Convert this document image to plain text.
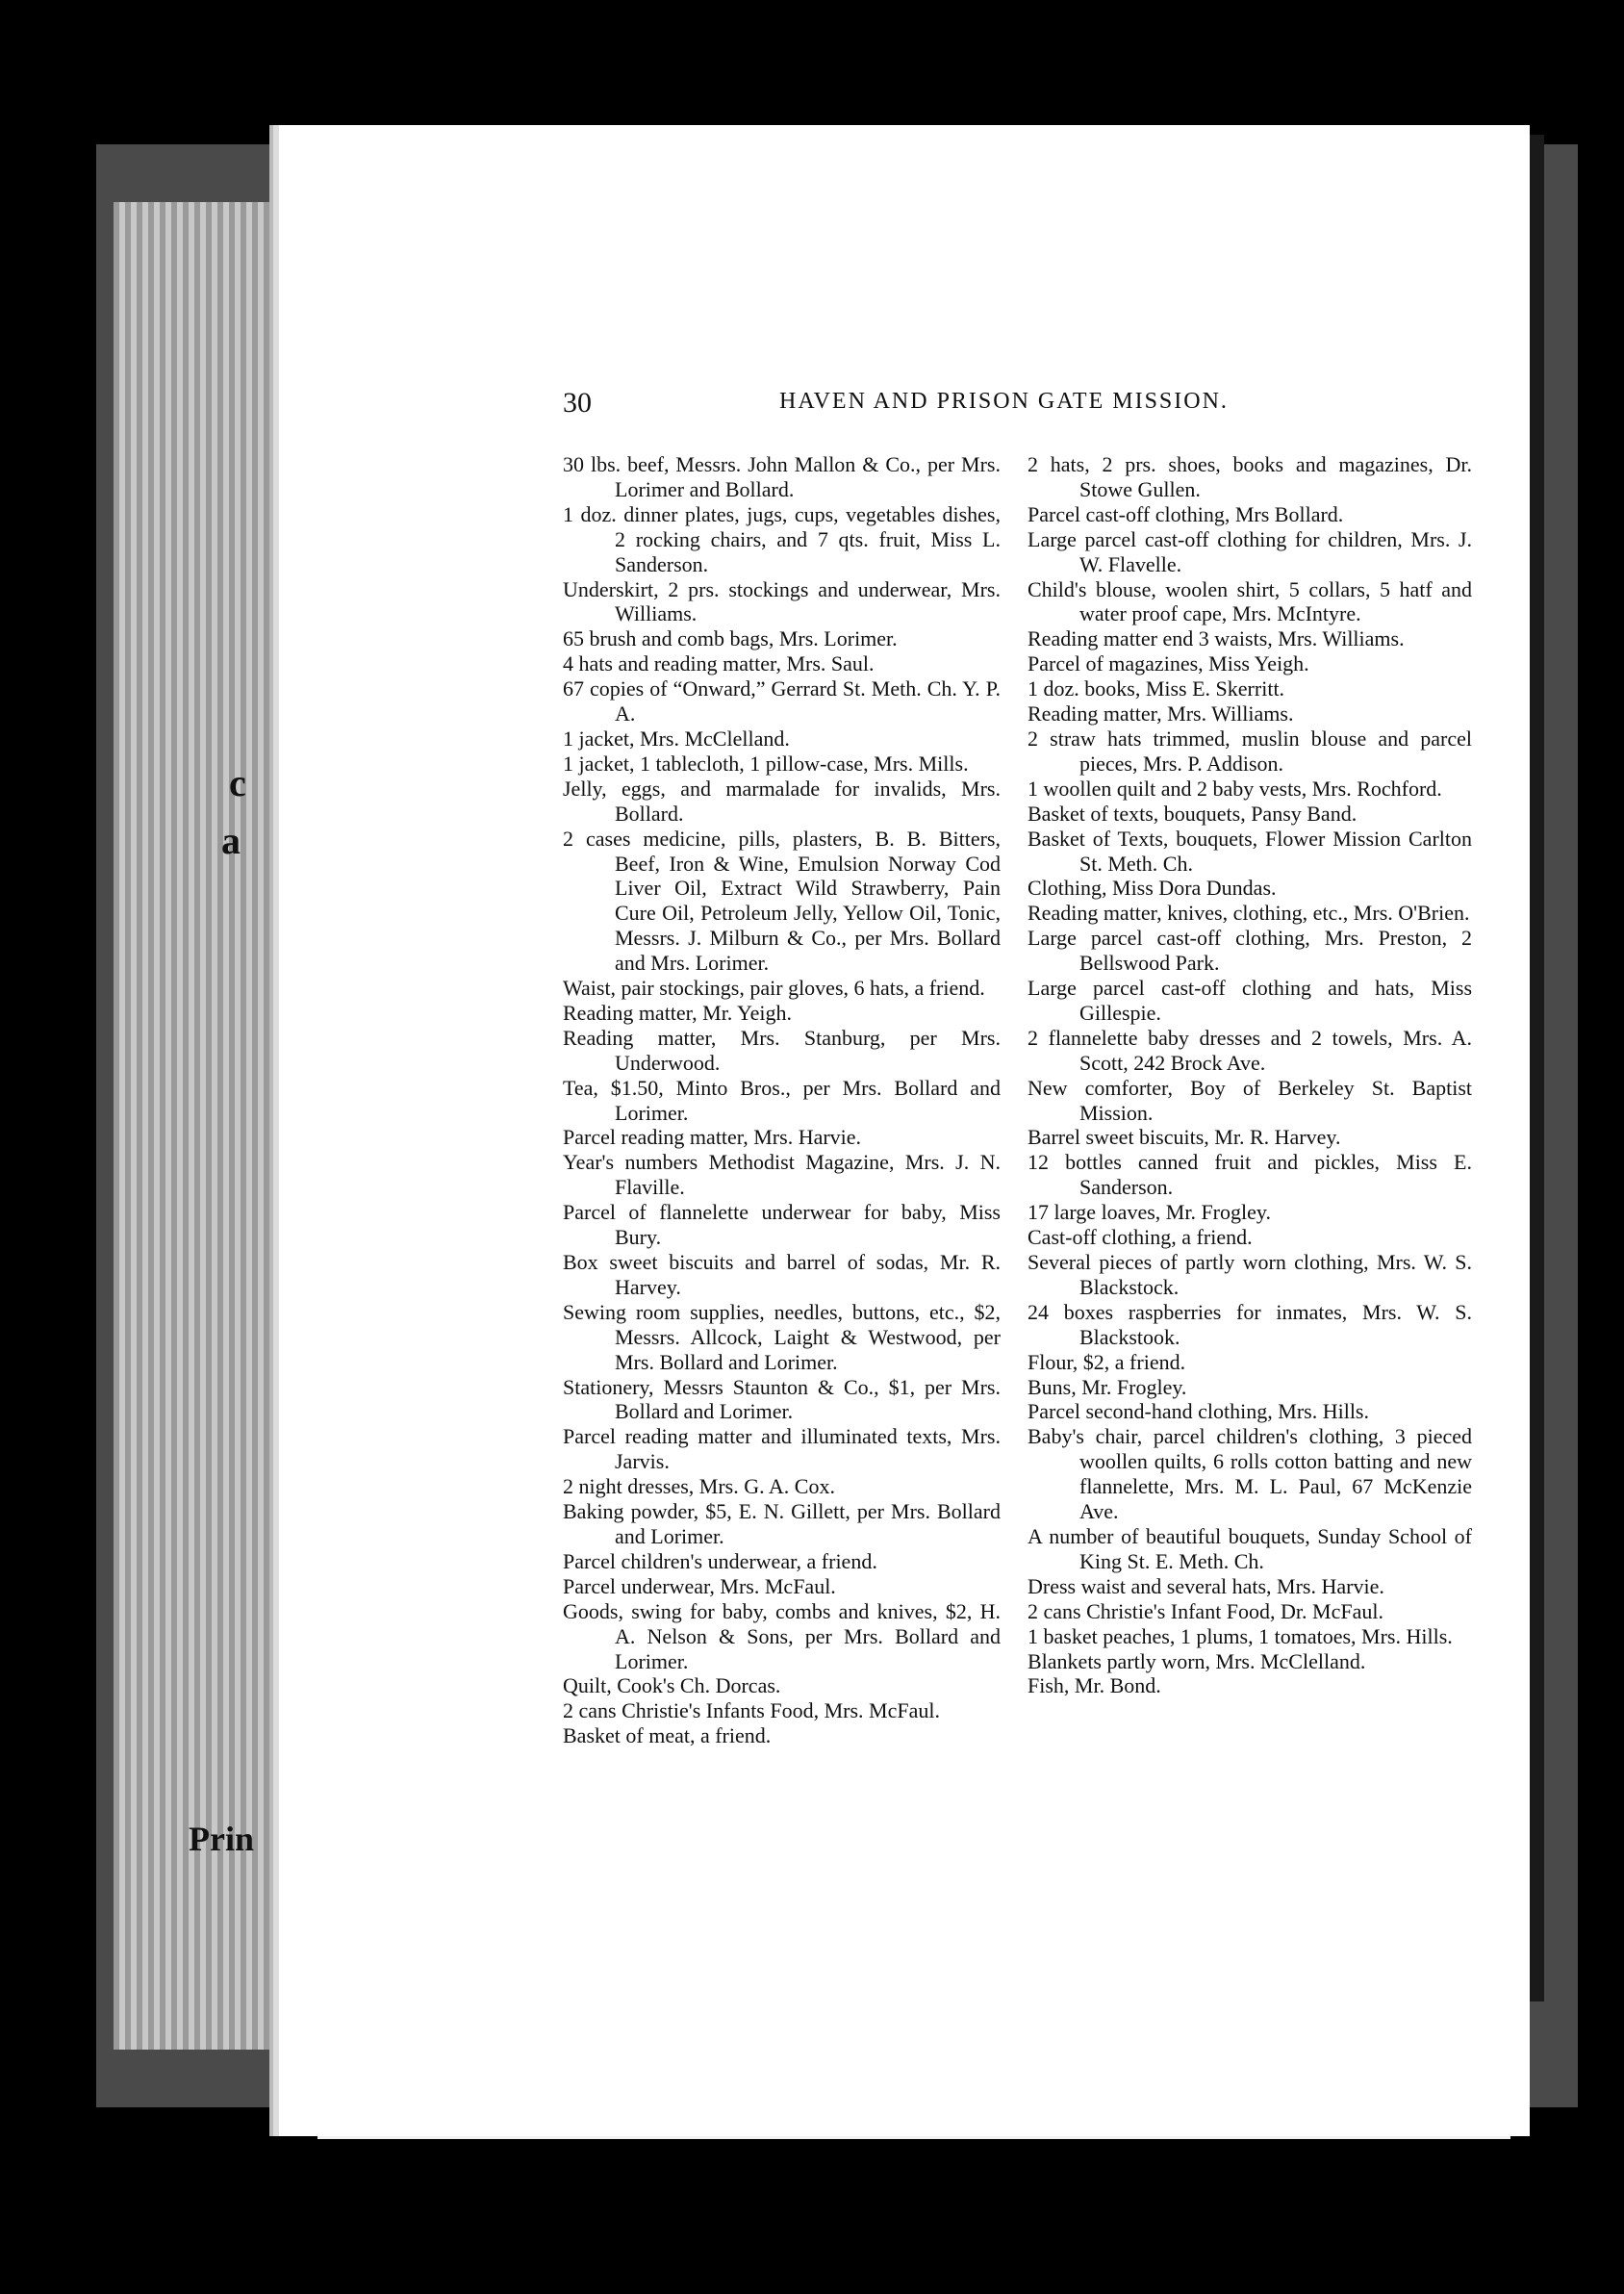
c
a
Prin
30	HAVEN AND PRISON GATE MISSION.

30 lbs. beef, Messrs. John Mallon & Co., per Mrs. Lorimer and Bollard.

1 doz. dinner plates, jugs, cups, vegetables dishes, 2 rocking chairs, and 7 qts. fruit, Miss L. Sanderson.

Underskirt, 2 prs. stockings and underwear, Mrs. Williams.

65 brush and comb bags, Mrs. Lorimer.

4 hats and reading matter, Mrs. Saul.

67 copies of “Onward,” Gerrard St. Meth. Ch. Y. P. A.

1 jacket, Mrs. McClelland.

1 jacket, 1 tablecloth, 1 pillow-case, Mrs. Mills.

Jelly, eggs, and marmalade for invalids, Mrs. Bollard.

2 cases medicine, pills, plasters, B. B. Bitters, Beef, Iron & Wine, Emulsion Norway Cod Liver Oil, Extract Wild Strawberry, Pain Cure Oil, Petroleum Jelly, Yellow Oil, Tonic, Messrs. J. Milburn & Co., per Mrs. Bollard and Mrs. Lorimer.

Waist, pair stockings, pair gloves, 6 hats, a friend.

Reading matter, Mr. Yeigh.

Reading matter, Mrs. Stanburg, per Mrs. Underwood.

Tea, $1.50, Minto Bros., per Mrs. Bollard and Lorimer.

Parcel reading matter, Mrs. Harvie.

Year's numbers Methodist Magazine, Mrs. J. N. Flaville.

Parcel of flannelette underwear for baby, Miss Bury.

Box sweet biscuits and barrel of sodas, Mr. R. Harvey.

Sewing room supplies, needles, buttons, etc., $2, Messrs. Allcock, Laight & Westwood, per Mrs. Bollard and Lorimer.

Stationery, Messrs Staunton & Co., $1, per Mrs. Bollard and Lorimer.

Parcel reading matter and illuminated texts, Mrs. Jarvis.

2 night dresses, Mrs. G. A. Cox.

Baking powder, $5, E. N. Gillett, per Mrs. Bollard and Lorimer.

Parcel children's underwear, a friend.

Parcel underwear, Mrs. McFaul.

Goods, swing for baby, combs and knives, $2, H. A. Nelson & Sons, per Mrs. Bollard and Lorimer.

Quilt, Cook's Ch. Dorcas.

2 cans Christie's Infants Food, Mrs. McFaul.

Basket of meat, a friend.

2 hats, 2 prs. shoes, books and magazines, Dr. Stowe Gullen.

Parcel cast-off clothing, Mrs Bollard.

Large parcel cast-off clothing for children, Mrs. J. W. Flavelle.

Child's blouse, woolen shirt, 5 collars, 5 hatf and water proof cape, Mrs. McIntyre.

Reading matter end 3 waists, Mrs. Williams.

Parcel of magazines, Miss Yeigh.

1 doz. books, Miss E. Skerritt.

Reading matter, Mrs. Williams.

2 straw hats trimmed, muslin blouse and parcel pieces, Mrs. P. Addison.

1 woollen quilt and 2 baby vests, Mrs. Rochford.

Basket of texts, bouquets, Pansy Band.

Basket of Texts, bouquets, Flower Mission Carlton St. Meth. Ch.

Clothing, Miss Dora Dundas.

Reading matter, knives, clothing, etc., Mrs. O'Brien.

Large parcel cast-off clothing, Mrs. Preston, 2 Bellswood Park.

Large parcel cast-off clothing and hats, Miss Gillespie.

2 flannelette baby dresses and 2 towels, Mrs. A. Scott, 242 Brock Ave.

New comforter, Boy of Berkeley St. Baptist Mission.

Barrel sweet biscuits, Mr. R. Harvey.

12 bottles canned fruit and pickles, Miss E. Sanderson.

17 large loaves, Mr. Frogley.

Cast-off clothing, a friend.

Several pieces of partly worn clothing, Mrs. W. S. Blackstock.

24 boxes raspberries for inmates, Mrs. W. S. Blackstook.

Flour, $2, a friend.

Buns, Mr. Frogley.

Parcel second-hand clothing, Mrs. Hills.

Baby's chair, parcel children's clothing, 3 pieced woollen quilts, 6 rolls cotton batting and new flannelette, Mrs. M. L. Paul, 67 McKenzie Ave.

A number of beautiful bouquets, Sunday School of King St. E. Meth. Ch.

Dress waist and several hats, Mrs. Harvie.

2 cans Christie's Infant Food, Dr. McFaul.

1 basket peaches, 1 plums, 1 tomatoes, Mrs. Hills.

Blankets partly worn, Mrs. McClelland.

Fish, Mr. Bond.
